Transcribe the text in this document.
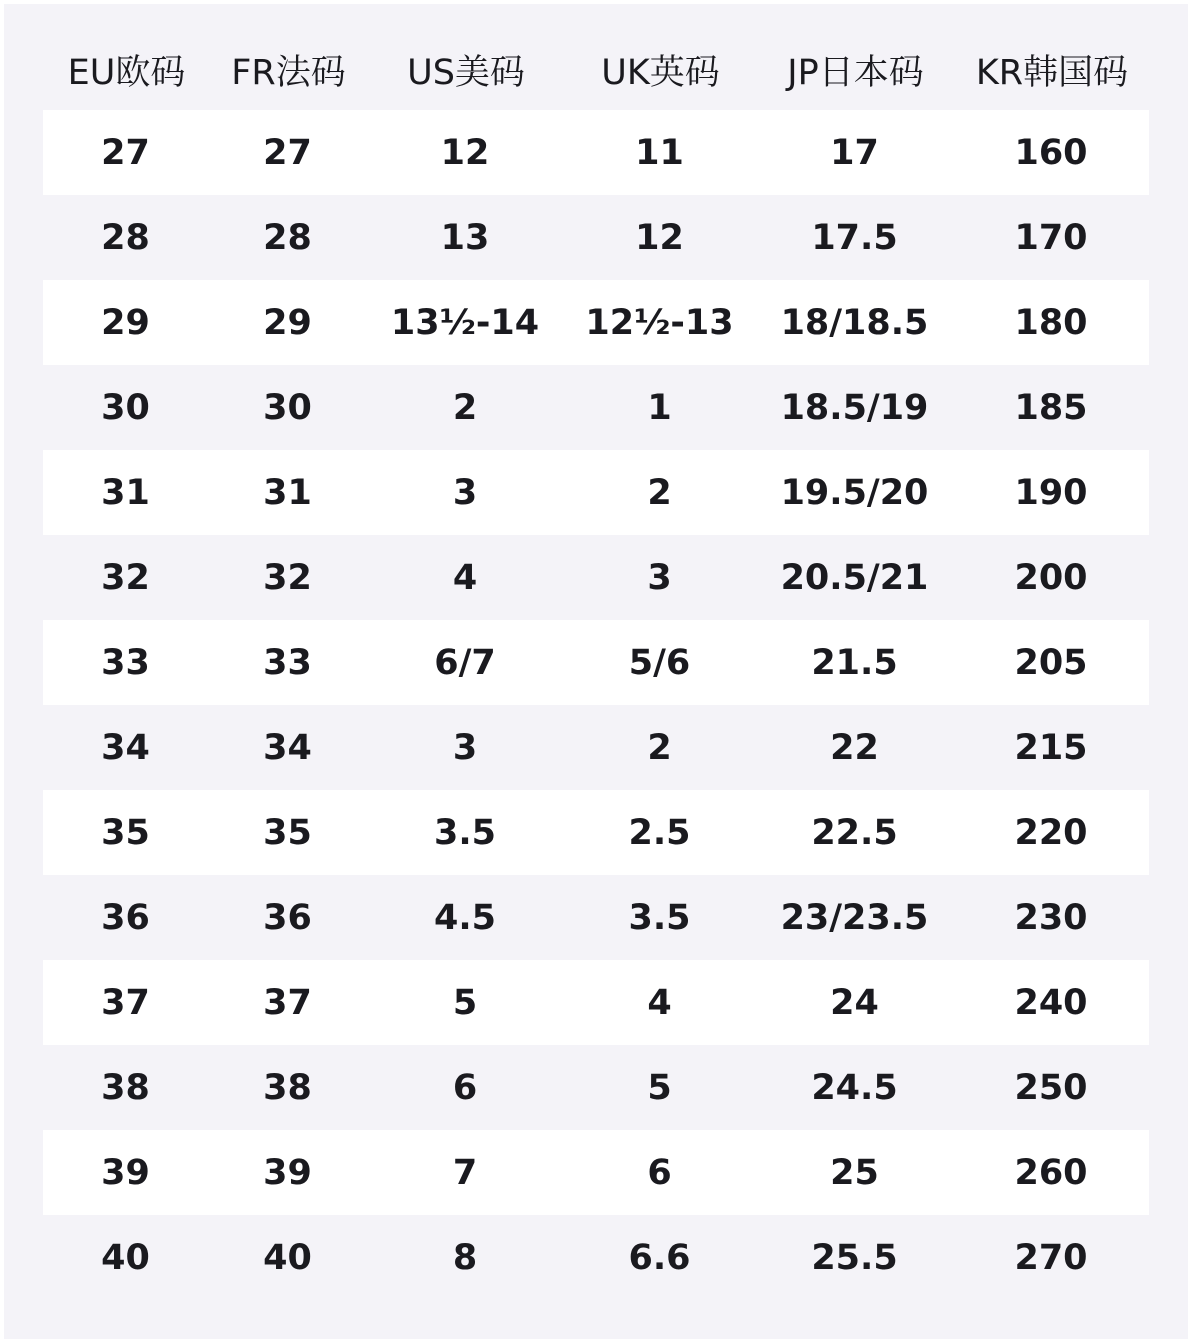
EU欧码	FR法码	US美码	UK英码	JP日本码	KR韩国码
27	27	12	11	17	160
28	28	13	12	17.5	170
29	29	13½-14	12½-13	18/18.5	180
30	30	2	1	18.5/19	185
31	31	3	2	19.5/20	190
32	32	4	3	20.5/21	200
33	33	6/7	5/6	21.5	205
34	34	3	2	22	215
35	35	3.5	2.5	22.5	220
36	36	4.5	3.5	23/23.5	230
37	37	5	4	24	240
38	38	6	5	24.5	250
39	39	7	6	25	260
40	40	8	6.6	25.5	270
